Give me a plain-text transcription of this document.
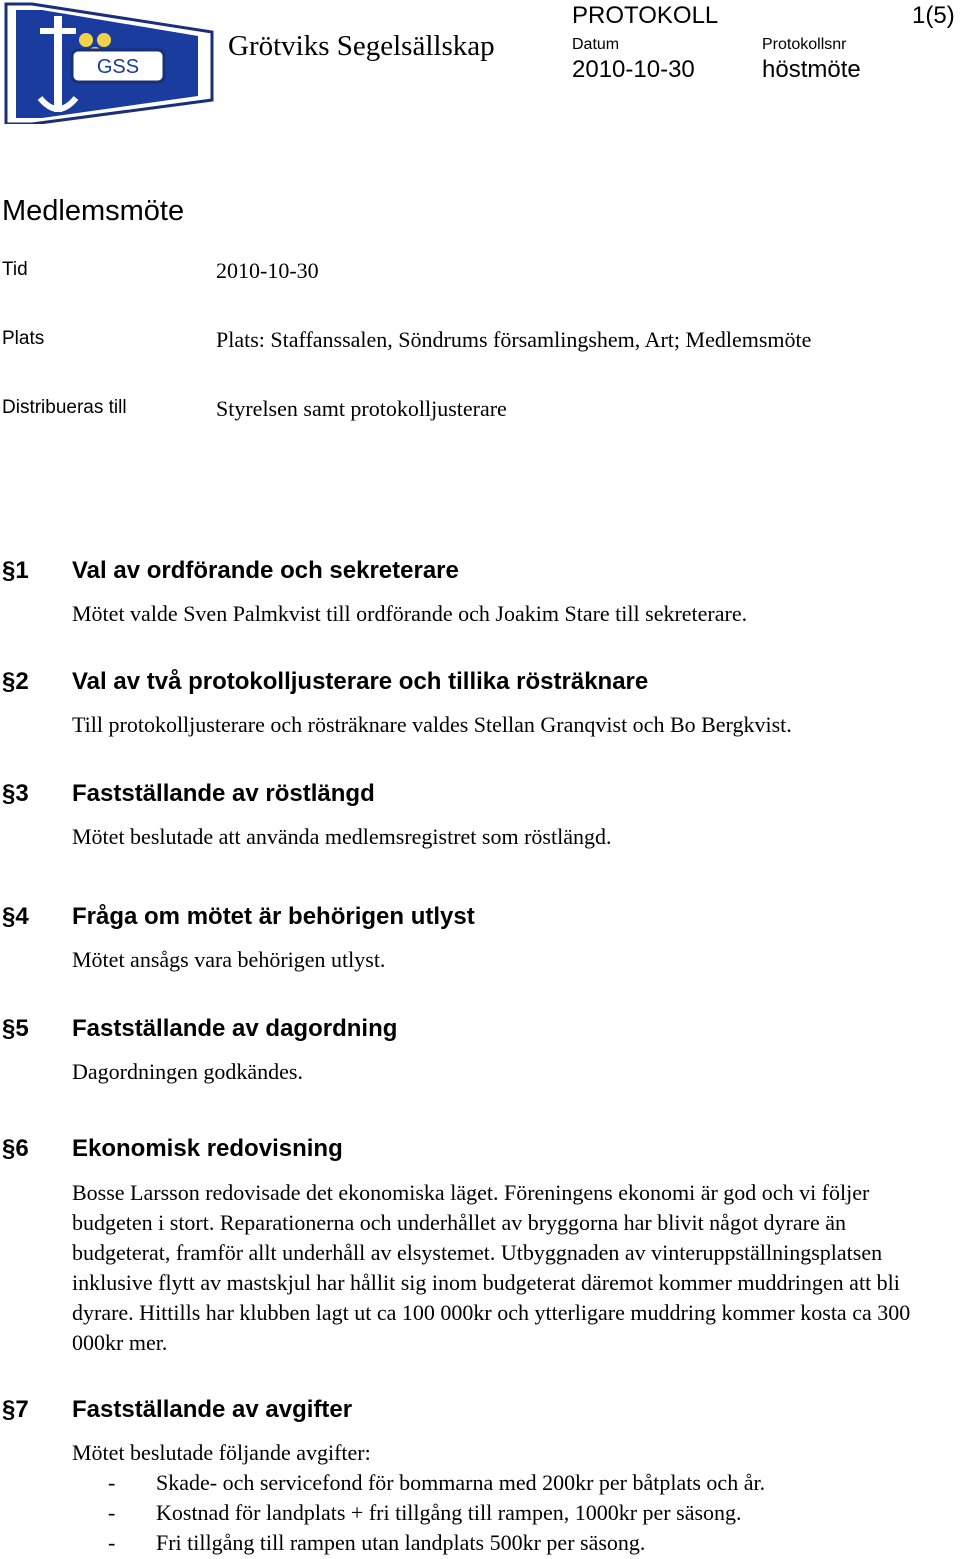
GSS
Grötviks Segelsällskap
PROTOKOLL	1(5)
Datum
2010-10-30
Protokollsnr
höstmöte
Medlemsmöte
Tid	2010-10-30
Plats	Plats: Staffanssalen, Söndrums församlingshem, Art; Medlemsmöte
Distribueras till	Styrelsen samt protokolljusterare
§1 Val av ordförande och sekreterare
Mötet valde Sven Palmkvist till ordförande och Joakim Stare till sekreterare.
§2 Val av två protokolljusterare och tillika rösträknare
Till protokolljusterare och rösträknare valdes Stellan Granqvist och Bo Bergkvist.
§3 Fastställande av röstlängd
Mötet beslutade att använda medlemsregistret som röstlängd.
§4 Fråga om mötet är behörigen utlyst
Mötet ansågs vara behörigen utlyst.
§5 Fastställande av dagordning
Dagordningen godkändes.
§6 Ekonomisk redovisning
Bosse Larsson redovisade det ekonomiska läget. Föreningens ekonomi är god och vi följer budgeten i stort. Reparationerna och underhållet av bryggorna har blivit något dyrare än budgeterat, framför allt underhåll av elsystemet. Utbyggnaden av vinteruppställningsplatsen inklusive flytt av mastskjul har hållit sig inom budgeterat däremot kommer muddringen att bli dyrare. Hittills har klubben lagt ut ca 100 000kr och ytterligare muddring kommer kosta ca 300 000kr mer.
§7 Fastställande av avgifter
Mötet beslutade följande avgifter:
- Skade- och servicefond för bommarna med 200kr per båtplats och år.
- Kostnad för landplats + fri tillgång till rampen, 1000kr per säsong.
- Fri tillgång till rampen utan landplats 500kr per säsong.
